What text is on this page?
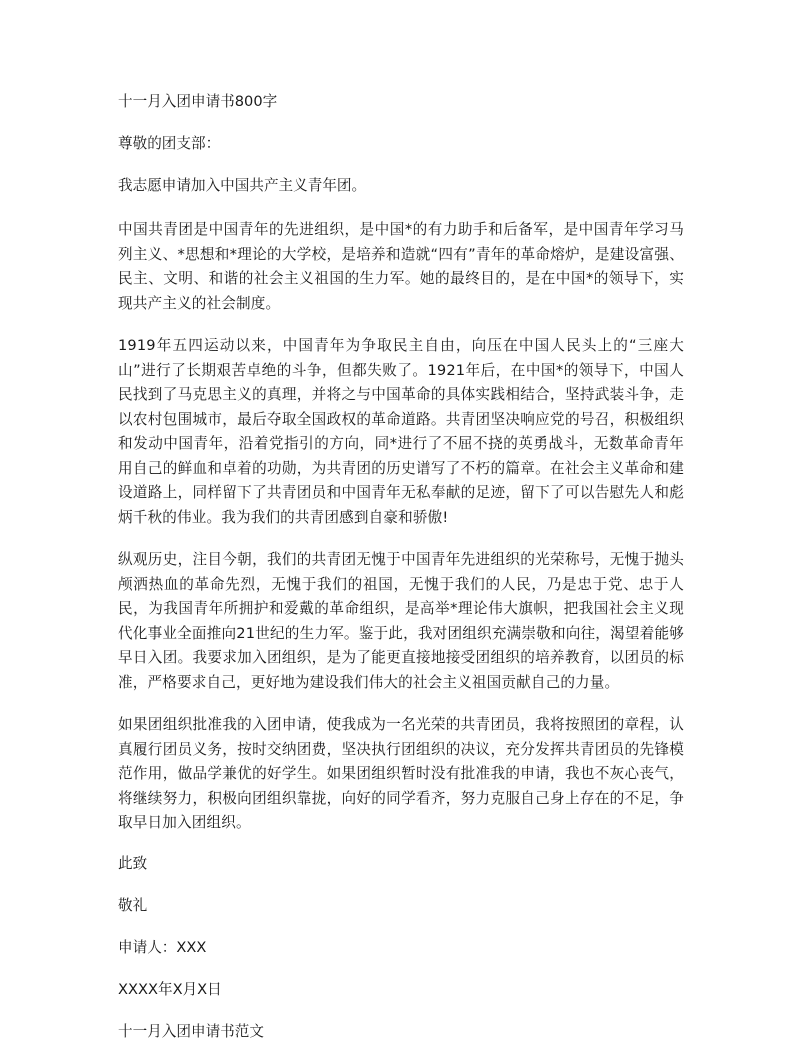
十一月入团申请书800字

尊敬的团支部：

我志愿申请加入中国共产主义青年团。

中国共青团是中国青年的先进组织，是中国*的有力助手和后备军，是中国青年学习马列主义、*思想和*理论的大学校，是培养和造就“四有”青年的革命熔炉，是建设富强、民主、文明、和谐的社会主义祖国的生力军。她的最终目的，是在中国*的领导下，实现共产主义的社会制度。

1919年五四运动以来，中国青年为争取民主自由，向压在中国人民头上的“三座大山”进行了长期艰苦卓绝的斗争，但都失败了。1921年后，在中国*的领导下，中国人民找到了马克思主义的真理，并将之与中国革命的具体实践相结合，坚持武装斗争，走以农村包围城市，最后夺取全国政权的革命道路。共青团坚决响应党的号召，积极组织和发动中国青年，沿着党指引的方向，同*进行了不屈不挠的英勇战斗，无数革命青年用自己的鲜血和卓着的功勋，为共青团的历史谱写了不朽的篇章。在社会主义革命和建设道路上，同样留下了共青团员和中国青年无私奉献的足迹，留下了可以告慰先人和彪炳千秋的伟业。我为我们的共青团感到自豪和骄傲!

纵观历史，注目今朝，我们的共青团无愧于中国青年先进组织的光荣称号，无愧于抛头颅洒热血的革命先烈，无愧于我们的祖国，无愧于我们的人民，乃是忠于党、忠于人民，为我国青年所拥护和爱戴的革命组织，是高举*理论伟大旗帜，把我国社会主义现代化事业全面推向21世纪的生力军。鉴于此，我对团组织充满崇敬和向往，渴望着能够早日入团。我要求加入团组织，是为了能更直接地接受团组织的培养教育，以团员的标准，严格要求自己，更好地为建设我们伟大的社会主义祖国贡献自己的力量。

如果团组织批准我的入团申请，使我成为一名光荣的共青团员，我将按照团的章程，认真履行团员义务，按时交纳团费，坚决执行团组织的决议，充分发挥共青团员的先锋模范作用，做品学兼优的好学生。如果团组织暂时没有批准我的申请，我也不灰心丧气，将继续努力，积极向团组织靠拢，向好的同学看齐，努力克服自己身上存在的不足，争取早日加入团组织。

此致

敬礼

申请人：XXX

XXXX年X月X日

十一月入团申请书范文
